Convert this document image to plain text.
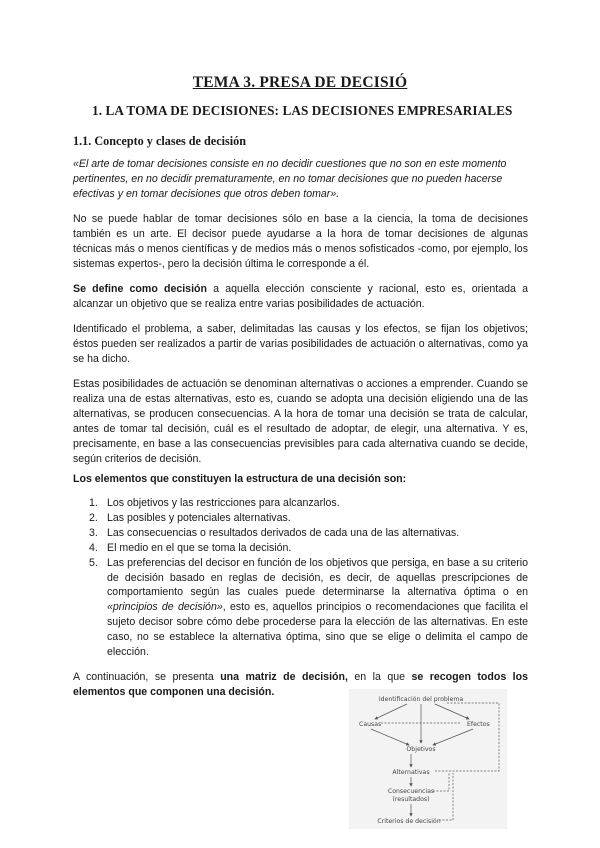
TEMA 3. PRESA DE DECISIÓ
1. LA TOMA DE DECISIONES: LAS DECISIONES EMPRESARIALES
1.1. Concepto y clases de decisión
«El arte de tomar decisiones consiste en no decidir cuestiones que no son en este momento pertinentes, en no decidir prematuramente, en no tomar decisiones que no pueden hacerse efectivas y en tomar decisiones que otros deben tomar».
No se puede hablar de tomar decisiones sólo en base a la ciencia, la toma de decisiones también es un arte. El decisor puede ayudarse a la hora de tomar decisiones de algunas técnicas más o menos científicas y de medios más o menos sofisticados -como, por ejemplo, los sistemas expertos-, pero la decisión última le corresponde a él.
Se define como decisión a aquella elección consciente y racional, esto es, orientada a alcanzar un objetivo que se realiza entre varias posibilidades de actuación.
Identificado el problema, a saber, delimitadas las causas y los efectos, se fijan los objetivos; éstos pueden ser realizados a partir de varias posibilidades de actuación o alternativas, como ya se ha dicho.
Estas posibilidades de actuación se denominan alternativas o acciones a emprender. Cuando se realiza una de estas alternativas, esto es, cuando se adopta una decisión eligiendo una de las alternativas, se producen consecuencias. A la hora de tomar una decisión se trata de calcular, antes de tomar tal decisión, cuál es el resultado de adoptar, de elegir, una alternativa. Y es, precisamente, en base a las consecuencias previsibles para cada alternativa cuando se decide, según criterios de decisión.
Los elementos que constituyen la estructura de una decisión son:
1. Los objetivos y las restricciones para alcanzarlos.
2. Las posibles y potenciales alternativas.
3. Las consecuencias o resultados derivados de cada una de las alternativas.
4. El medio en el que se toma la decisión.
5. Las preferencias del decisor en función de los objetivos que persiga, en base a su criterio de decisión basado en reglas de decisión, es decir, de aquellas prescripciones de comportamiento según las cuales puede determinarse la alternativa óptima o en «principios de decisión», esto es, aquellos principios o recomendaciones que facilita el sujeto decisor sobre cómo debe procederse para la elección de las alternativas. En este caso, no se establece la alternativa óptima, sino que se elige o delimita el campo de elección.
A continuación, se presenta una matriz de decisión, en la que se recogen todos los elementos que componen una decisión.
Identificación del problema
Causas	Efectos
Objetivos
Alternativas
Consecuencias
(resultados)
Criterios de decisión
